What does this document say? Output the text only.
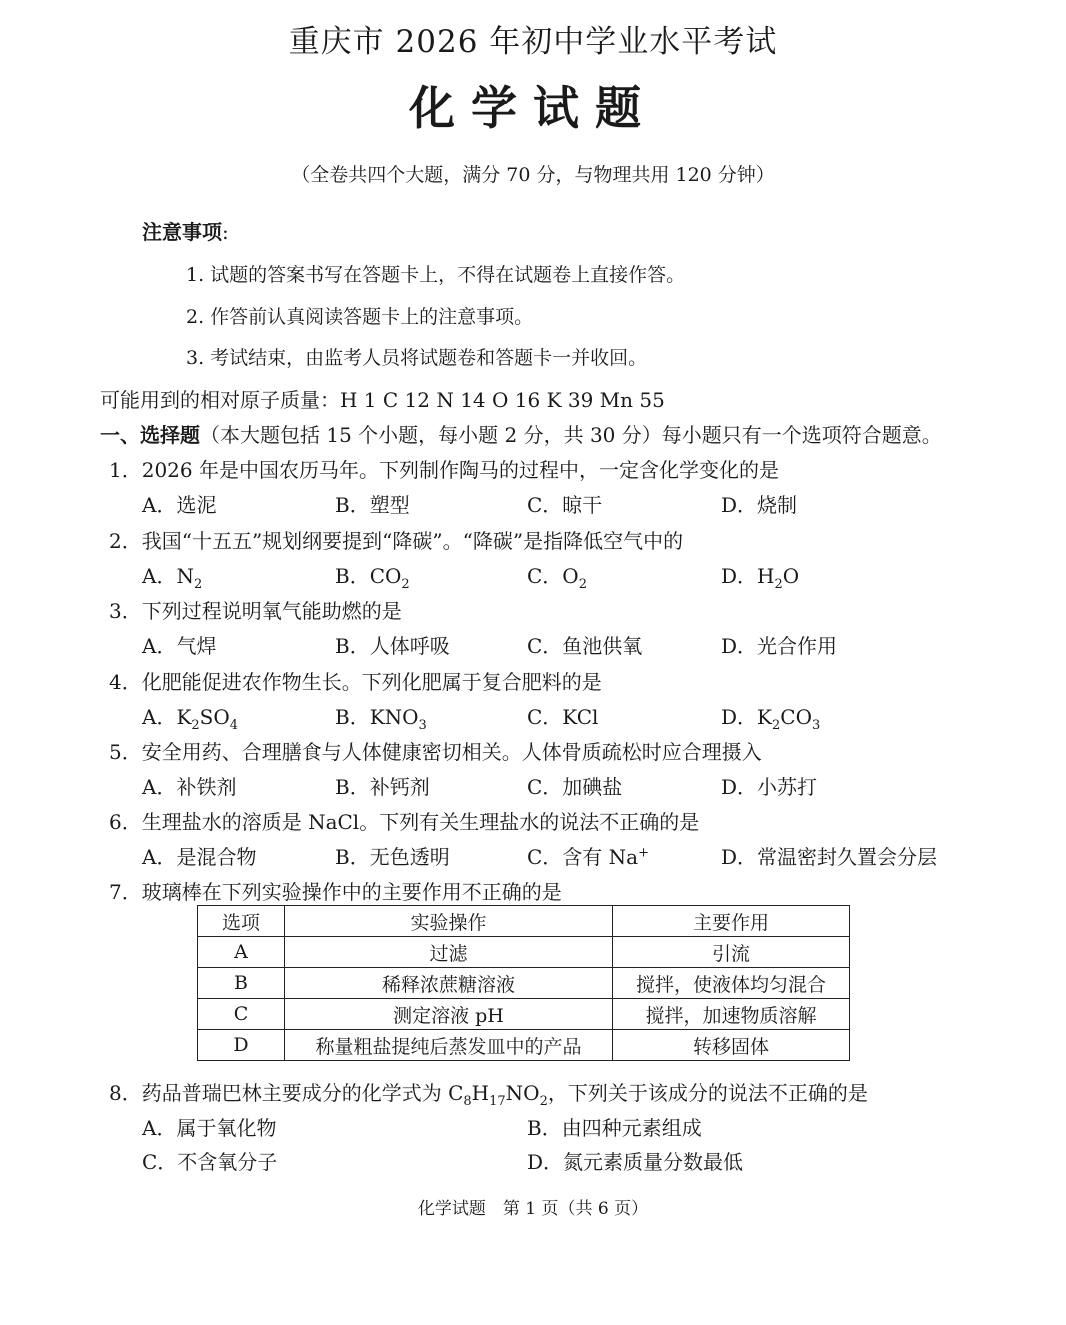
重庆市 2026 年初中学业水平考试
化学试题
（全卷共四个大题，满分 70 分，与物理共用 120 分钟）
注意事项:
1. 试题的答案书写在答题卡上，不得在试题卷上直接作答。
2. 作答前认真阅读答题卡上的注意事项。
3. 考试结束，由监考人员将试题卷和答题卡一并收回。
可能用到的相对原子质量：H 1 C 12 N 14 O 16 K 39 Mn 55
一、选择题（本大题包括 15 个小题，每小题 2 分，共 30 分）每小题只有一个选项符合题意。
1．2026 年是中国农历马年。下列制作陶马的过程中，一定含化学变化的是
A．选泥	B．塑型	C．晾干	D．烧制
2．我国“十五五”规划纲要提到“降碳”。“降碳”是指降低空气中的
A．$N_2$	B．$CO_2$	C．$O_2$	D．$H_2O$
3．下列过程说明氧气能助燃的是
A．气焊	B．人体呼吸	C．鱼池供氧	D．光合作用
4．化肥能促进农作物生长。下列化肥属于复合肥料的是
A．$K_2SO_4$	B．$KNO_3$	C．KCl	D．$K_2CO_3$
5．安全用药、合理膳食与人体健康密切相关。人体骨质疏松时应合理摄入
A．补铁剂	B．补钙剂	C．加碘盐	D．小苏打
6．生理盐水的溶质是 NaCl。下列有关生理盐水的说法不正确的是
A．是混合物	B．无色透明	C．含有 Na+	D．常温密封久置会分层
7．玻璃棒在下列实验操作中的主要作用不正确的是
选项	实验操作	主要作用
A	过滤	引流
B	稀释浓蔗糖溶液	搅拌，使液体均匀混合
C	测定溶液 pH	搅拌，加速物质溶解
D	称量粗盐提纯后蒸发皿中的产品	转移固体
8．药品普瑞巴林主要成分的化学式为 $C_8H_{17}NO_2$，下列关于该成分的说法不正确的是
A．属于氧化物	B．由四种元素组成
C．不含氧分子	D．氮元素质量分数最低
化学试题　第 1 页（共 6 页）
